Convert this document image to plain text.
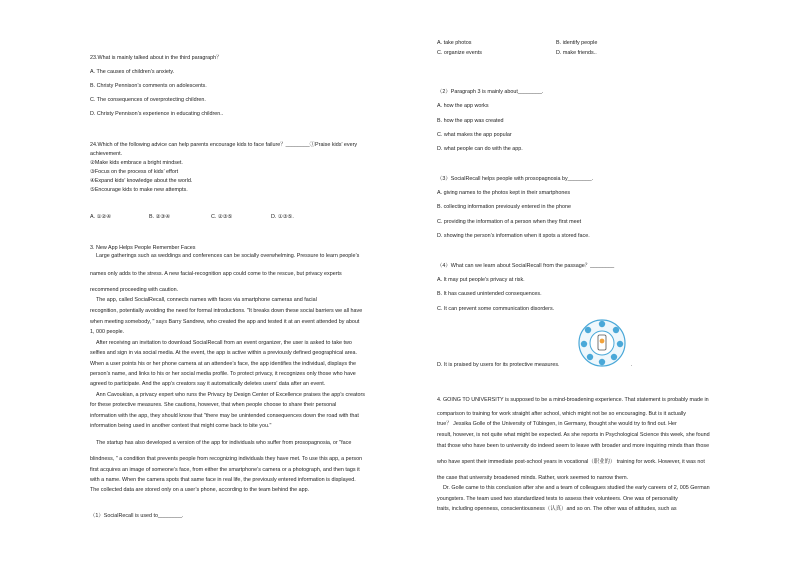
23.What is mainly talked about in the third paragraph？
A. The causes of children’s anxiety.
B. Christy Pennison’s comments on adolescents.
C. The consequences of overprotecting children.
D. Christy Pennison’s experience in educating children..
24.Which of the following advice can help parents encourage kids to face failure？________①Praise kids’ every
achievement.
②Make kids embrace a bright mindset.
③Focus on the process of kids’ effort
④Expand kids’ knowledge about the world.
⑤Encourage kids to make new attempts.
A. ①②④	B. ②③④	C. ②③⑤	D. ①③⑤.
3. New App Helps People Remember Faces
Large gatherings such as weddings and conferences can be socially overwhelming. Pressure to learn people’s
names only adds to the stress. A new facial-recognition app could come to the rescue, but privacy experts
recommend proceeding with caution.
The app, called SocialRecall, connects names with faces via smartphone cameras and facial
recognition, potentially avoiding the need for formal introductions. "It breaks down these social barriers we all have
when meeting somebody, " says Barry Sandrew, who created the app and tested it at an event attended by about
1, 000 people.
After receiving an invitation to download SocialRecall from an event organizer, the user is asked to take two
selfies and sign in via social media. At the event, the app is active within a previously defined geographical area.
When a user points his or her phone camera at an attendee’s face, the app identifies the individual, displays the
person’s name, and links to his or her social media profile. To protect privacy, it recognizes only those who have
agreed to participate. And the app’s creators say it automatically deletes users’ data after an event.
Ann Cavoukian, a privacy expert who runs the Privacy by Design Center of Excellence praises the app’s creators
for these protective measures. She cautions, however, that when people choose to share their personal
information with the app, they should know that "there may be unintended consequences down the road with that
information being used in another context that might come back to bite you."
The startup has also developed a version of the app for individuals who suffer from prosopagnosia, or "face
blindness, " a condition that prevents people from recognizing individuals they have met. To use this app, a person
first acquires an image of someone’s face, from either the smartphone’s camera or a photograph, and then tags it
with a name. When the camera spots that same face in real life, the previously entered information is displayed.
The collected data are stored only on a user’s phone, according to the team behind the app.
（1）SocialRecall is used to________.
A. take photos	B. identify people
C. organize events	D. make friends..
（2）Paragraph 3 is mainly about________.
A. how the app works
B. how the app was created
C. what makes the app popular
D. what people can do with the app.
（3）SocialRecall helps people with prosopagnosia by________.
A. giving names to the photos kept in their smartphones
B. collecting information previously entered in the phone
C. providing the information of a person when they first meet
D. showing the person’s information when it spots a stored face.
（4）What can we learn about SocialRecall from the passage？________
A. It may put people’s privacy at risk.
B. It has caused unintended consequences.
C. It can prevent some communication disorders.
D. It is praised by users for its protective measures.	.
4. GOING TO UNIVERSITY is supposed to be a mind-broadening experience. That statement is probably made in
comparison to training for work straight after school, which might not be so encouraging. But is it actually
true？ Jessika Golle of the University of Tübingen, in Germany, thought she would try to find out. Her
result, however, is not quite what might be expected. As she reports in Psychological Science this week, she found
that those who have been to university do indeed seem to leave with broader and more inquiring minds than those
who have spent their immediate post-school years in vocational（职业的） training for work. However, it was not
the case that university broadened minds. Rather, work seemed to narrow them.
Dr. Golle came to this conclusion after she and a team of colleagues studied the early careers of 2, 005 German
youngsters. The team used two standardized tests to assess their volunteers. One was of personality
traits, including openness, conscientiousness（认真）and so on. The other was of attitudes, such as
